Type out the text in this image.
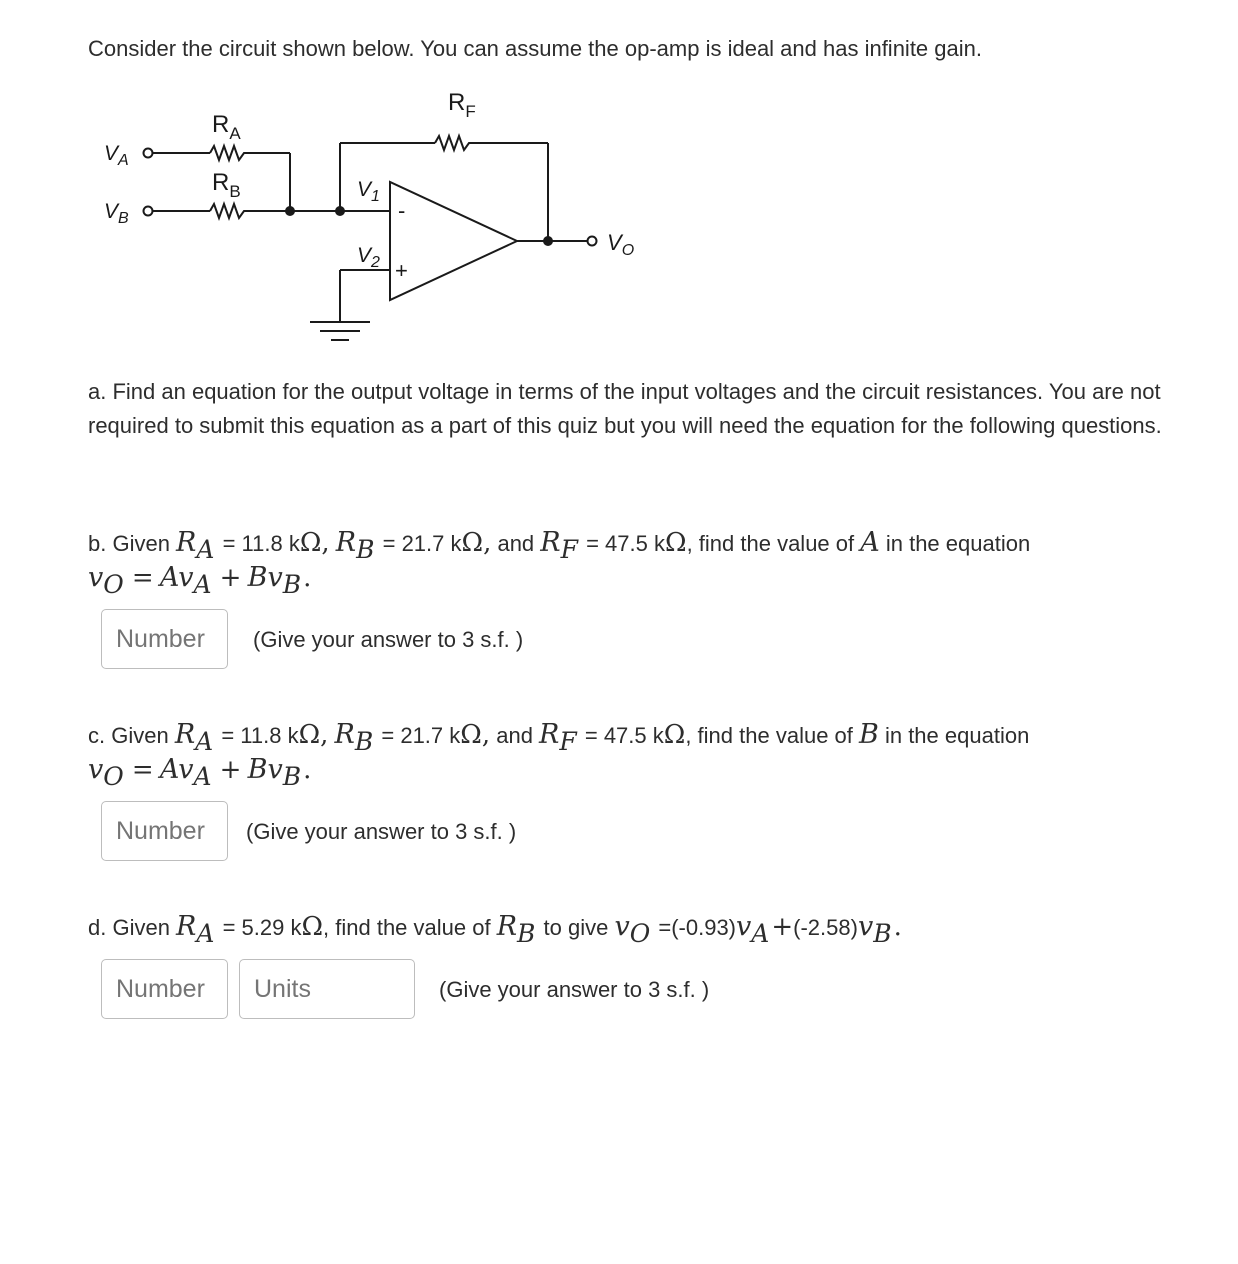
Consider the circuit shown below. You can assume the op-amp is ideal and has infinite gain.

$R_F$
$R_A$
$R_B$
$V_A$
$V_B$
$V_1$
$V_2$
$V_O$
-
+

a. Find an equation for the output voltage in terms of the input voltages and the circuit resistances. You are not required to submit this equation as a part of this quiz but you will need the equation for the following questions.

b. Given RA = 11.8 kΩ, RB = 21.7 kΩ, and RF = 47.5 kΩ, find the value of A in the equation
vO = AvA + BvB.
Number
(Give your answer to 3 s.f. )
c. Given RA = 11.8 kΩ, RB = 21.7 kΩ, and RF = 47.5 kΩ, find the value of B in the equation
vO = AvA + BvB.
Number
(Give your answer to 3 s.f. )
d. Given RA = 5.29 kΩ, find the value of RB to give vO =(-0.93)vA+(-2.58)vB.
Number
Units
(Give your answer to 3 s.f. )
